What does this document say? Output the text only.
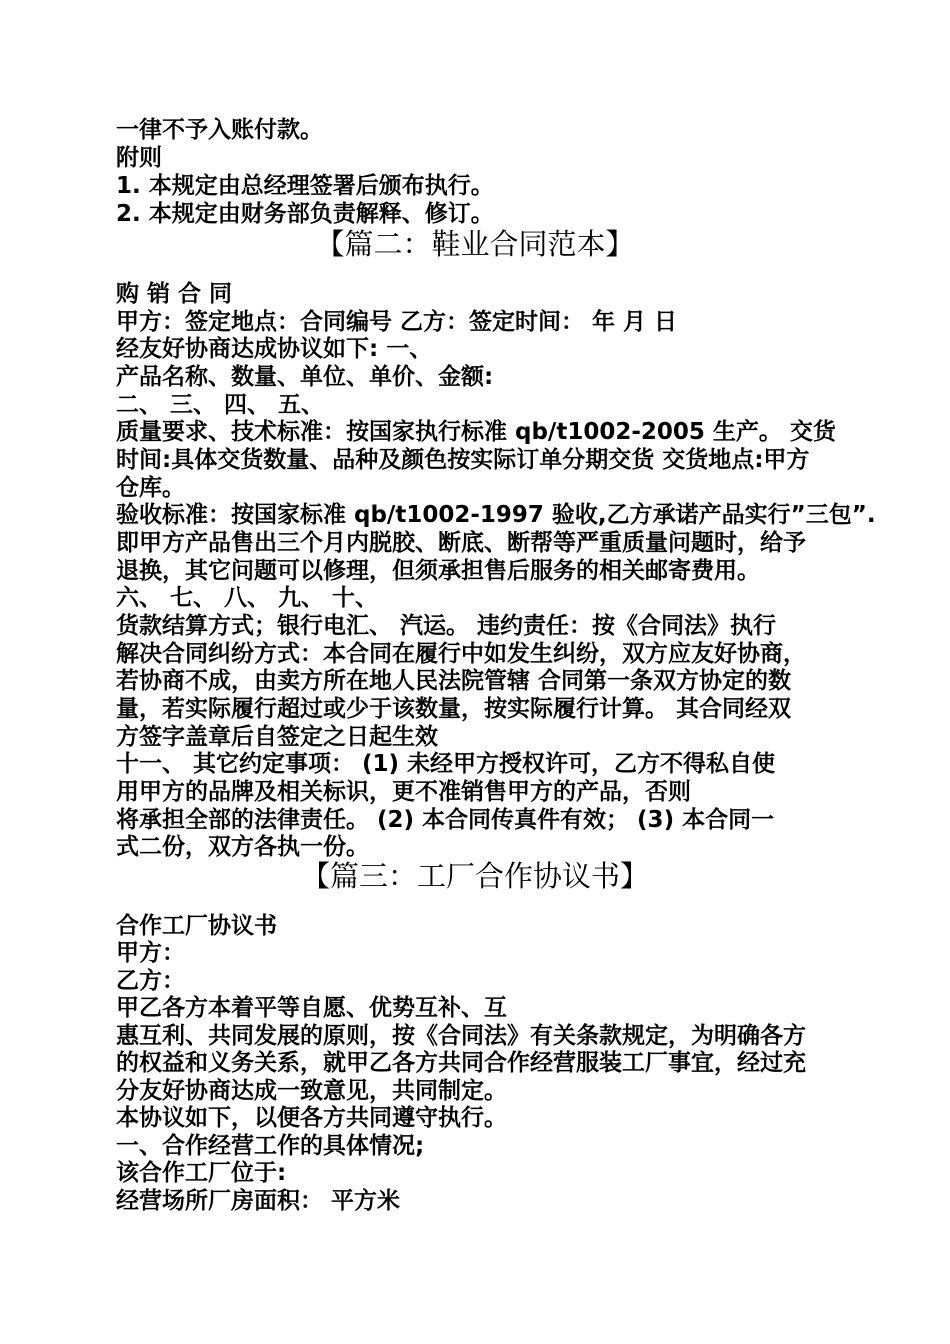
一律不予入账付款。
附则
1. 本规定由总经理签署后颁布执行。
2. 本规定由财务部负责解释、修订。
【篇二：鞋业合同范本】
购 销 合 同
甲方：签定地点：合同编号 乙方：签定时间： 年 月 日
经友好协商达成协议如下: 一、
产品名称、数量、单位、单价、金额:
二、 三、 四、 五、
质量要求、技术标准：按国家执行标准 qb/t1002-2005 生产。 交货
时间:具体交货数量、品种及颜色按实际订单分期交货 交货地点:甲方
仓库。
验收标准：按国家标准 qb/t1002-1997 验收,乙方承诺产品实行”三包”.
即甲方产品售出三个月内脱胶、断底、断帮等严重质量问题时，给予
退换，其它问题可以修理，但须承担售后服务的相关邮寄费用。
六、 七、 八、 九、 十、
货款结算方式；银行电汇、 汽运。 违约责任：按《合同法》执行
解决合同纠纷方式：本合同在履行中如发生纠纷，双方应友好协商，
若协商不成，由卖方所在地人民法院管辖 合同第一条双方协定的数
量，若实际履行超过或少于该数量，按实际履行计算。 其合同经双
方签字盖章后自签定之日起生效
十一、 其它约定事项： (1) 未经甲方授权许可，乙方不得私自使
用甲方的品牌及相关标识，更不准销售甲方的产品，否则
将承担全部的法律责任。 (2) 本合同传真件有效； (3) 本合同一
式二份，双方各执一份。
【篇三：工厂合作协议书】
合作工厂协议书
甲方：
乙方：
甲乙各方本着平等自愿、优势互补、互
惠互利、共同发展的原则，按《合同法》有关条款规定，为明确各方
的权益和义务关系，就甲乙各方共同合作经营服装工厂事宜，经过充
分友好协商达成一致意见，共同制定。
本协议如下，以便各方共同遵守执行。
一、合作经营工作的具体情况;
该合作工厂位于:
经营场所厂房面积： 平方米
